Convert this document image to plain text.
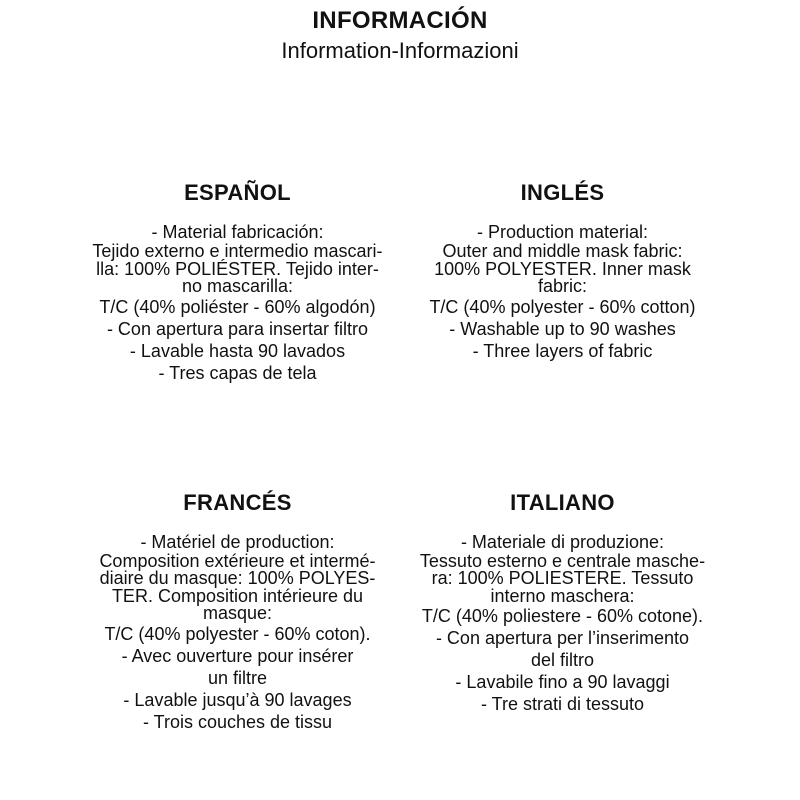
INFORMACIÓN
Information-Informazioni
ESPAÑOL

- Material fabricación:

Tejido externo e intermedio mascari-
lla: 100% POLIÉSTER. Tejido inter-
no mascarilla:

T/C (40% poliéster - 60% algodón)

- Con apertura para insertar filtro

- Lavable hasta 90 lavados

- Tres capas de tela

INGLÉS

- Production material:

Outer and middle mask fabric:
100% POLYESTER. Inner mask
fabric:

T/C (40% polyester - 60% cotton)

- Washable up to 90 washes

- Three layers of fabric

FRANCÉS

- Matériel de production:

Composition extérieure et intermé-
diaire du masque: 100% POLYES-
TER. Composition intérieure du
masque:

T/C (40% polyester - 60% coton).

- Avec ouverture pour insérer
un filtre

- Lavable jusqu’à 90 lavages

- Trois couches de tissu

ITALIANO

- Materiale di produzione:

Tessuto esterno e centrale masche-
ra: 100% POLIESTERE. Tessuto
interno maschera:

T/C (40% poliestere - 60% cotone).

- Con apertura per l’inserimento
del filtro

- Lavabile fino a 90 lavaggi

- Tre strati di tessuto
